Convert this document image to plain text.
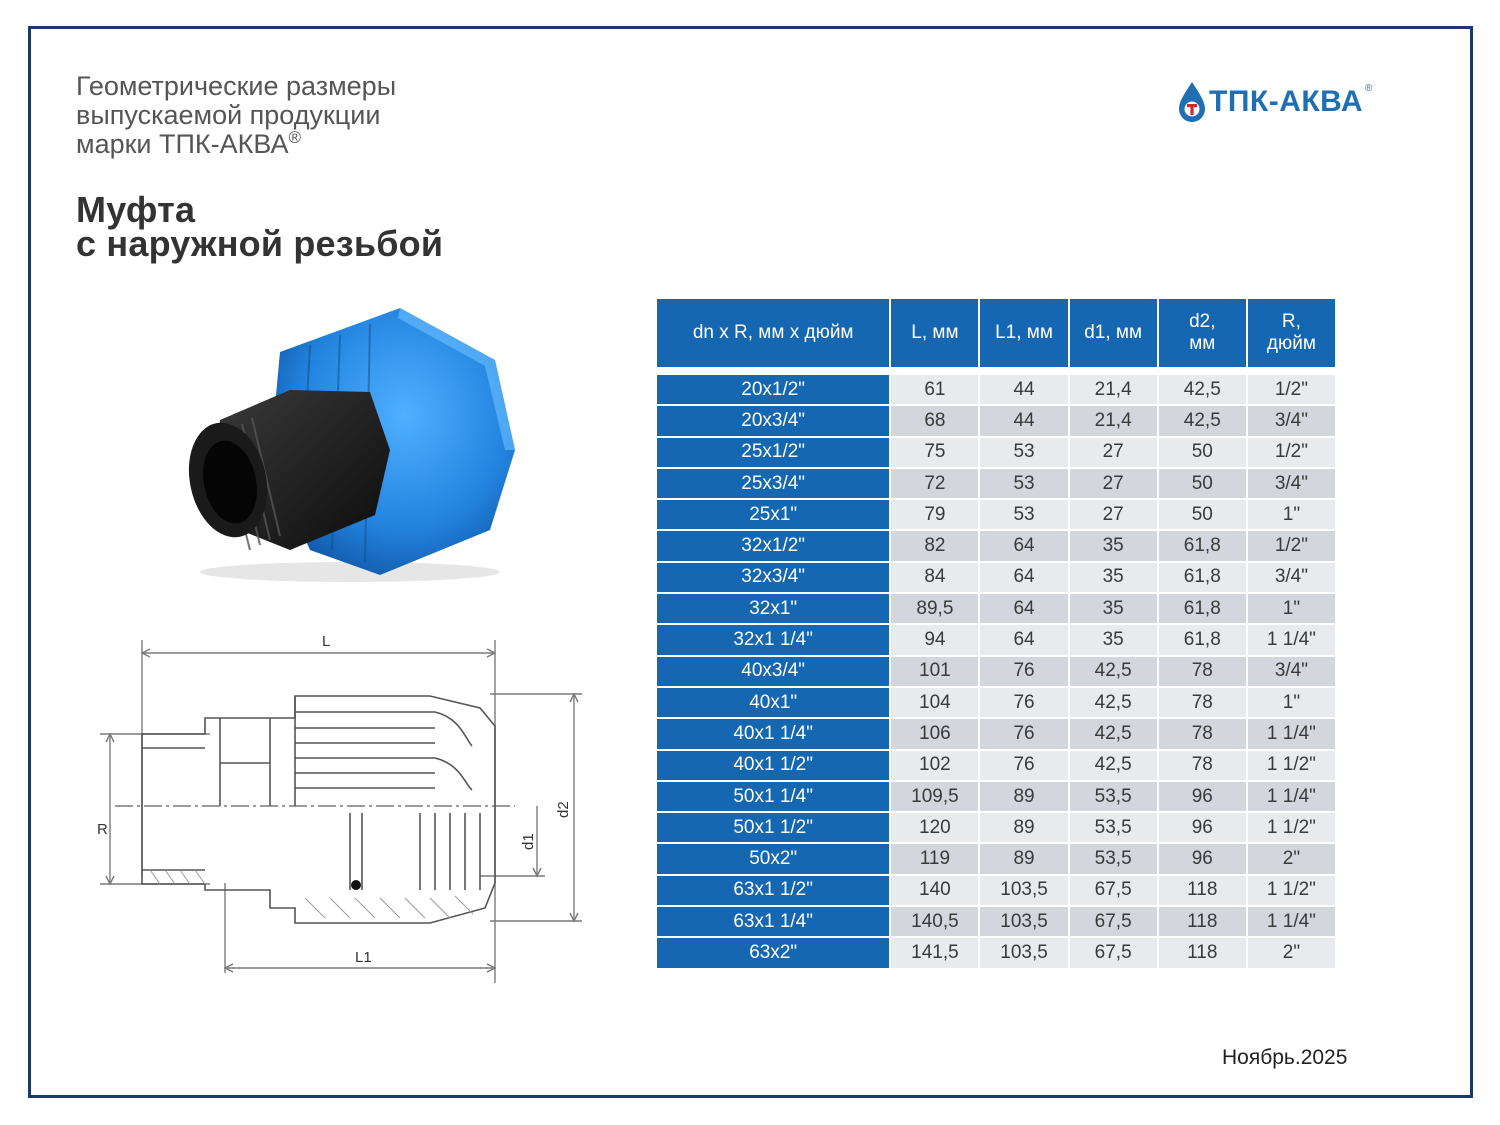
Геометрические размеры
выпускаемой продукции
марки ТПК-АКВА®
Муфта
с наружной резьбой
ТПК-АКВА ®
L
L1
R
d1
d2
dn x R, мм x дюйм	L, мм	L1, мм	d1, мм	d2, мм	R, дюйм

20x1/2"	61	44	21,4	42,5	1/2"
20x3/4"	68	44	21,4	42,5	3/4"
25x1/2"	75	53	27	50	1/2"
25x3/4"	72	53	27	50	3/4"
25x1"	79	53	27	50	1"
32x1/2"	82	64	35	61,8	1/2"
32x3/4"	84	64	35	61,8	3/4"
32x1"	89,5	64	35	61,8	1"
32x1 1/4"	94	64	35	61,8	1 1/4"
40x3/4"	101	76	42,5	78	3/4"
40x1"	104	76	42,5	78	1"
40x1 1/4"	106	76	42,5	78	1 1/4"
40x1 1/2"	102	76	42,5	78	1 1/2"
50x1 1/4"	109,5	89	53,5	96	1 1/4"
50x1 1/2"	120	89	53,5	96	1 1/2"
50x2"	119	89	53,5	96	2"
63x1 1/2"	140	103,5	67,5	118	1 1/2"
63x1 1/4"	140,5	103,5	67,5	118	1 1/4"
63x2"	141,5	103,5	67,5	118	2"
Ноябрь.2025
